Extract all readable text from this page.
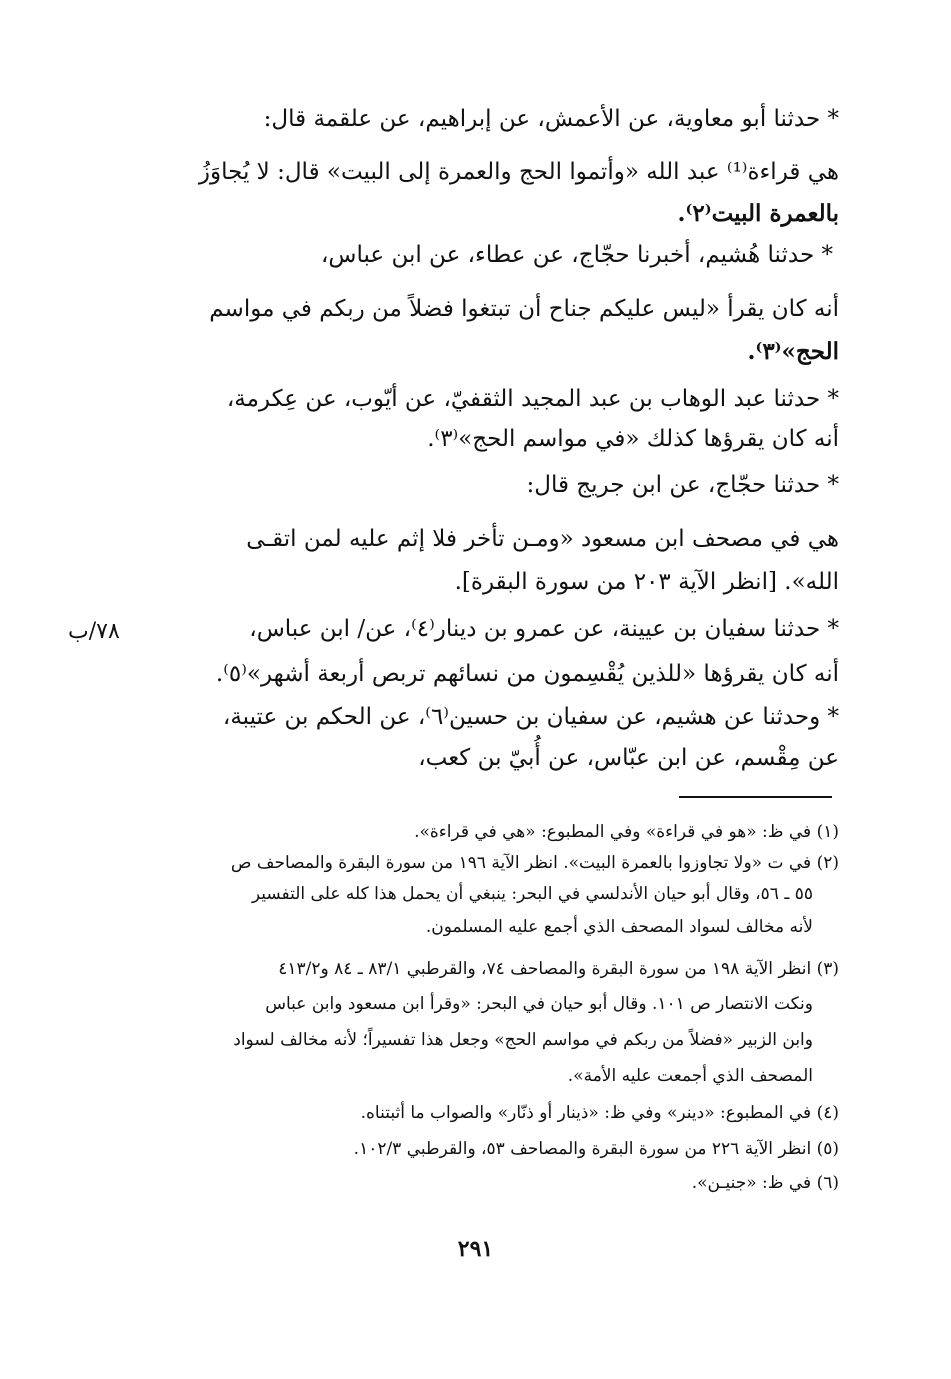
* حدثنا أبو معاوية، عن الأعمش، عن إبراهيم، عن علقمة قال:
هي قراءة⁽¹⁾ عبد الله «وأتموا الحج والعمرة إلى البيت» قال: لا يُجاوَزُ
بالعمرة البيت⁽٢⁾.
* حدثنا هُشيم، أخبرنا حجّاج، عن عطاء، عن ابن عباس،
أنه كان يقرأ «ليس عليكم جناح أن تبتغوا فضلاً من ربكم في مواسم
الحج»⁽٣⁾.
* حدثنا عبد الوهاب بن عبد المجيد الثقفيّ، عن أيّوب، عن عِكرمة،
أنه كان يقرؤها كذلك «في مواسم الحج»⁽٣⁾.
* حدثنا حجّاج، عن ابن جريج قال:
هي في مصحف ابن مسعود «ومـن تأخر فلا إثم عليه لمن اتقـى
الله». [انظر الآية ٢٠٣ من سورة البقرة].
* حدثنا سفيان بن عيينة، عن عمرو بن دينار⁽٤⁾، عن/ ابن عباس،
أنه كان يقرؤها «للذين يُقْسِمون من نسائهم تربص أربعة أشهر»⁽٥⁾.
* وحدثنا عن هشيم، عن سفيان بن حسين⁽٦⁾، عن الحكم بن عتيبة،
عن مِقْسم، عن ابن عبّاس، عن أُبيّ بن كعب،
٧٨/ب
(١) في ظ: «هو في قراءة» وفي المطبوع: «هي في قراءة».
(٢) في ت «ولا تجاوزوا بالعمرة البيت». انظر الآية ١٩٦ من سورة البقرة والمصاحف ص
٥٥ ـ ٥٦، وقال أبو حيان الأندلسي في البحر: ينبغي أن يحمل هذا كله على التفسير
لأنه مخالف لسواد المصحف الذي أجمع عليه المسلمون.
(٣) انظر الآية ١٩٨ من سورة البقرة والمصاحف ٧٤، والقرطبي ٨٣/١ ـ ٨٤ و٤١٣/٢
ونكت الانتصار ص ١٠١. وقال أبو حيان في البحر: «وقرأ ابن مسعود وابن عباس
وابن الزبير «فضلاً من ربكم في مواسم الحج» وجعل هذا تفسيراً؛ لأنه مخالف لسواد
المصحف الذي أجمعت عليه الأمة».
(٤) في المطبوع: «دينر» وفي ظ: «ذينار أو ذنّار» والصواب ما أثبتناه.
(٥) انظر الآية ٢٢٦ من سورة البقرة والمصاحف ٥٣، والقرطبي ١٠٢/٣.
(٦) في ظ: «جنيـن».
٢٩١
